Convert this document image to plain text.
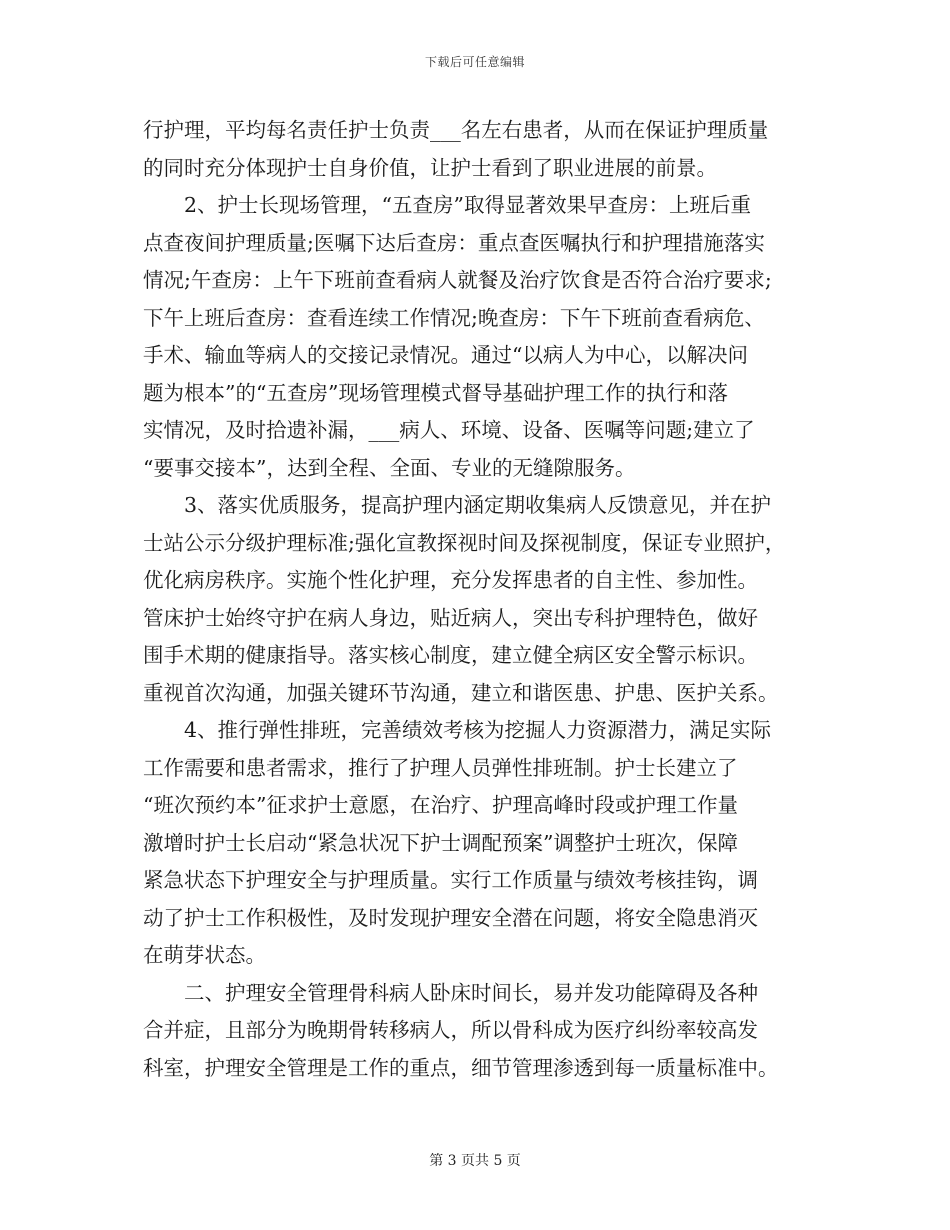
下载后可任意编辑
行护理，平均每名责任护士负责___名左右患者，从而在保证护理质量
的同时充分体现护士自身价值，让护士看到了职业进展的前景。
2、护士长现场管理，“五查房”取得显著效果早查房：上班后重
点查夜间护理质量;医嘱下达后查房：重点查医嘱执行和护理措施落实
情况;午查房：上午下班前查看病人就餐及治疗饮食是否符合治疗要求;
下午上班后查房：查看连续工作情况;晚查房：下午下班前查看病危、
手术、输血等病人的交接记录情况。通过“以病人为中心，以解决问
题为根本”的“五查房”现场管理模式督导基础护理工作的执行和落
实情况，及时拾遗补漏，___病人、环境、设备、医嘱等问题;建立了
“要事交接本”，达到全程、全面、专业的无缝隙服务。
3、落实优质服务，提高护理内涵定期收集病人反馈意见，并在护
士站公示分级护理标准;强化宣教探视时间及探视制度，保证专业照护，
优化病房秩序。实施个性化护理，充分发挥患者的自主性、参加性。
管床护士始终守护在病人身边，贴近病人，突出专科护理特色，做好
围手术期的健康指导。落实核心制度，建立健全病区安全警示标识。
重视首次沟通，加强关键环节沟通，建立和谐医患、护患、医护关系。
4、推行弹性排班，完善绩效考核为挖掘人力资源潜力，满足实际
工作需要和患者需求，推行了护理人员弹性排班制。护士长建立了
“班次预约本”征求护士意愿，在治疗、护理高峰时段或护理工作量
激增时护士长启动“紧急状况下护士调配预案”调整护士班次，保障
紧急状态下护理安全与护理质量。实行工作质量与绩效考核挂钩，调
动了护士工作积极性，及时发现护理安全潜在问题，将安全隐患消灭
在萌芽状态。
二、护理安全管理骨科病人卧床时间长，易并发功能障碍及各种
合并症，且部分为晚期骨转移病人，所以骨科成为医疗纠纷率较高发
科室，护理安全管理是工作的重点，细节管理渗透到每一质量标准中。
第 3 页共 5 页
